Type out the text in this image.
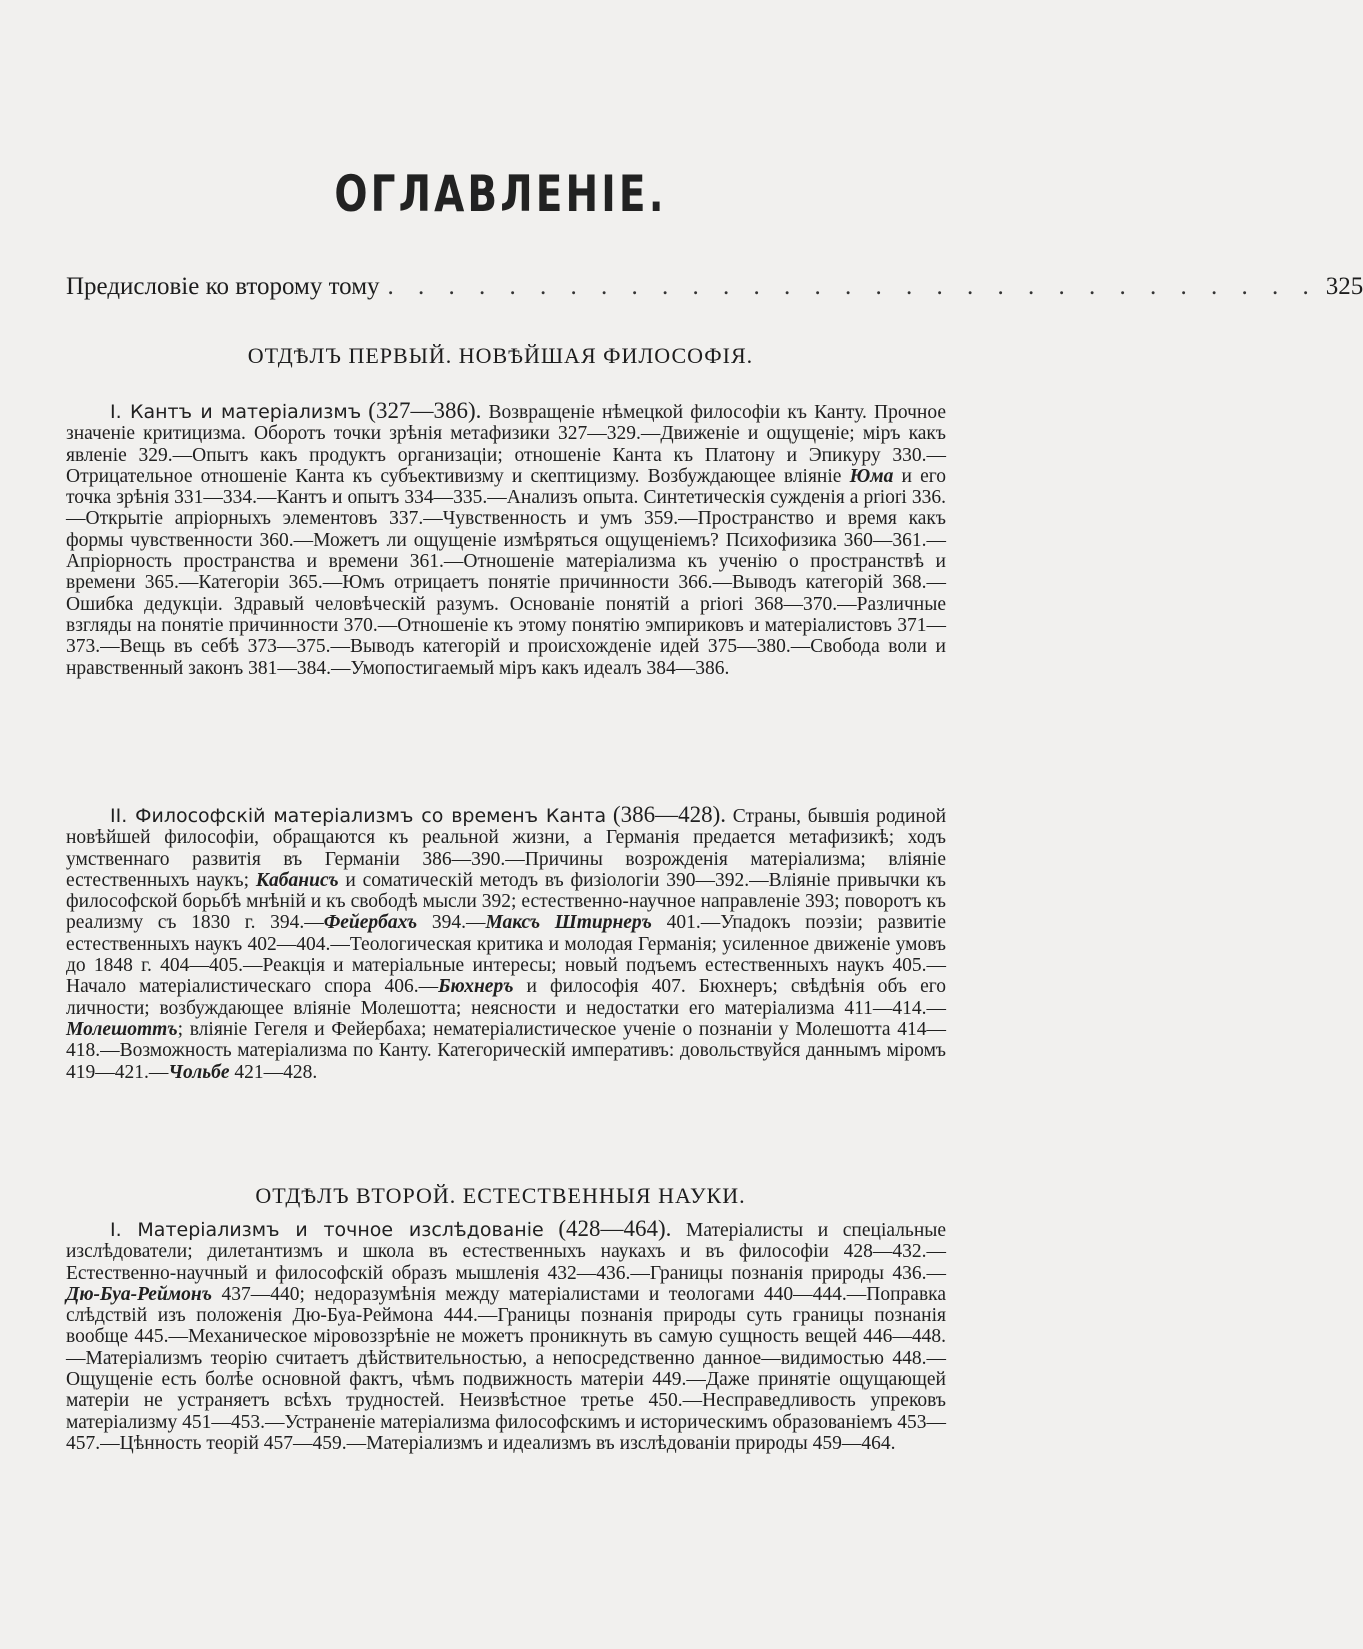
ОГЛАВЛЕНІЕ.
Предисловіе ко второму тому . . . . . . . . . . . . . . . . . . . . . . . . . . . . . . . 325
ОТДѢЛЪ ПЕРВЫЙ. НОВѢЙШАЯ ФИЛОСОФІЯ.
I. Кантъ и матеріализмъ (327—386). Возвращеніе нѣмецкой философіи къ Канту. Прочное значеніе критицизма. Оборотъ точки зрѣнія метафизики 327—329.—Движеніе и ощущеніе; міръ какъ явленіе 329.—Опытъ какъ продуктъ организаціи; отношеніе Канта къ Платону и Эпикуру 330.—Отрицательное отношеніе Канта къ субъективизму и скептицизму. Возбуждающее вліяніе Юма и его точка зрѣнія 331—334.—Кантъ и опытъ 334—335.—Анализъ опыта. Синтетическія сужденія a priori 336.—Открытіе апріорныхъ элементовъ 337.—Чувственность и умъ 359.—Пространство и время какъ формы чувственности 360.—Можетъ ли ощущеніе измѣряться ощущеніемъ? Психофизика 360—361.—Апріорность пространства и времени 361.—Отношеніе матеріализма къ ученію о пространствѣ и времени 365.—Категоріи 365.—Юмъ отрицаетъ понятіе причинности 366.—Выводъ категорій 368.—Ошибка дедукціи. Здравый человѣческій разумъ. Основаніе понятій a priori 368—370.—Различные взгляды на понятіе причинности 370.—Отношеніе къ этому понятію эмпириковъ и матеріалистовъ 371—373.—Вещь въ себѣ 373—375.—Выводъ категорій и происхожденіе идей 375—380.—Свобода воли и нравственный законъ 381—384.—Умопостигаемый міръ какъ идеалъ 384—386.
II. Философскій матеріализмъ со временъ Канта (386—428). Страны, бывшія родиной новѣйшей философіи, обращаются къ реальной жизни, а Германія предается метафизикѣ; ходъ умственнаго развитія въ Германіи 386—390.—Причины возрожденія матеріализма; вліяніе естественныхъ наукъ; Кабанисъ и соматическій методъ въ физіологіи 390—392.—Вліяніе привычки къ философской борьбѣ мнѣній и къ свободѣ мысли 392; естественно-научное направленіе 393; поворотъ къ реализму съ 1830 г. 394.—Фейербахъ 394.—Максъ Штирнеръ 401.—Упадокъ поэзіи; развитіе естественныхъ наукъ 402—404.—Теологическая критика и молодая Германія; усиленное движеніе умовъ до 1848 г. 404—405.—Реакція и матеріальные интересы; новый подъемъ естественныхъ наукъ 405.—Начало матеріалистическаго спора 406.—Бюхнеръ и философія 407. Бюхнеръ; свѣдѣнія объ его личности; возбуждающее вліяніе Молешотта; неясности и недостатки его матеріализма 411—414.—Молешоттъ; вліяніе Гегеля и Фейербаха; нематеріалистическое ученіе о познаніи у Молешотта 414—418.—Возможность матеріализма по Канту. Категорическій императивъ: довольствуйся даннымъ міромъ 419—421.—Чольбе 421—428.
ОТДѢЛЪ ВТОРОЙ. ЕСТЕСТВЕННЫЯ НАУКИ.
I. Матеріализмъ и точное изслѣдованіе (428—464). Матеріалисты и спеціальные изслѣдователи; дилетантизмъ и школа въ естественныхъ наукахъ и въ философіи 428—432.—Естественно-научный и философскій образъ мышленія 432—436.—Границы познанія природы 436.—Дю-Буа-Реймонъ 437—440; недоразумѣнія между матеріалистами и теологами 440—444.—Поправка слѣдствій изъ положенія Дю-Буа-Реймона 444.—Границы познанія природы суть границы познанія вообще 445.—Механическое міровоззрѣніе не можетъ проникнуть въ самую сущность вещей 446—448.—Матеріализмъ теорію считаетъ дѣйствительностью, а непосредственно данное—видимостью 448.—Ощущеніе есть болѣе основной фактъ, чѣмъ подвижность матеріи 449.—Даже принятіе ощущающей матеріи не устраняетъ всѣхъ трудностей. Неизвѣстное третье 450.—Несправедливость упрековъ матеріализму 451—453.—Устраненіе матеріализма философскимъ и историческимъ образованіемъ 453—457.—Цѣнность теорій 457—459.—Матеріализмъ и идеализмъ въ изслѣдованіи природы 459—464.
